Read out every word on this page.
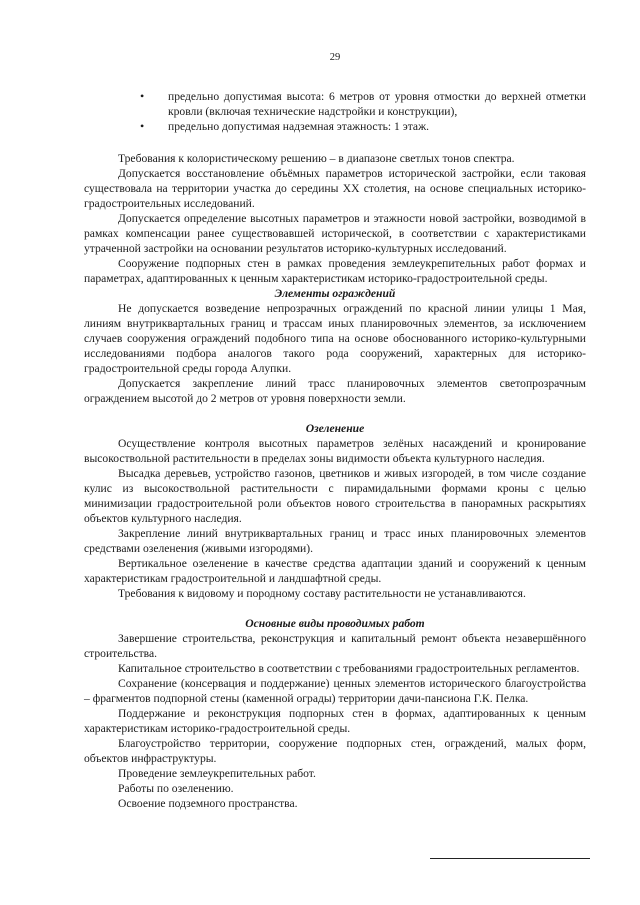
29
• предельно допустимая высота: 6 метров от уровня отмостки до верхней отметки кровли (включая технические надстройки и конструкции),
• предельно допустимая надземная этажность: 1 этаж.

Требования к колористическому решению – в диапазоне светлых тонов спектра.

Допускается восстановление объёмных параметров исторической застройки, если таковая существовала на территории участка до середины XX столетия, на основе специальных историко-градостроительных исследований.

Допускается определение высотных параметров и этажности новой застройки, возводимой в рамках компенсации ранее существовавшей исторической, в соответствии с характеристиками утраченной застройки на основании результатов историко-культурных исследований.

Сооружение подпорных стен в рамках проведения землеукрепительных работ формах и параметрах, адаптированных к ценным характеристикам историко-градостроительной среды.

Элементы ограждений

Не допускается возведение непрозрачных ограждений по красной линии улицы 1 Мая, линиям внутриквартальных границ и трассам иных планировочных элементов, за исключением случаев сооружения ограждений подобного типа на основе обоснованного историко-культурными исследованиями подбора аналогов такого рода сооружений, характерных для историко-градостроительной среды города Алупки.

Допускается закрепление линий трасс планировочных элементов светопрозрачным ограждением высотой до 2 метров от уровня поверхности земли.

Озеленение

Осуществление контроля высотных параметров зелёных насаждений и кронирование высокоствольной растительности в пределах зоны видимости объекта культурного наследия.

Высадка деревьев, устройство газонов, цветников и живых изгородей, в том числе создание кулис из высокоствольной растительности с пирамидальными формами кроны с целью минимизации градостроительной роли объектов нового строительства в панорамных раскрытиях объектов культурного наследия.

Закрепление линий внутриквартальных границ и трасс иных планировочных элементов средствами озеленения (живыми изгородями).

Вертикальное озеленение в качестве средства адаптации зданий и сооружений к ценным характеристикам градостроительной и ландшафтной среды.

Требования к видовому и породному составу растительности не устанавливаются.

Основные виды проводимых работ

Завершение строительства, реконструкция и капитальный ремонт объекта незавершённого строительства.

Капитальное строительство в соответствии с требованиями градостроительных регламентов.

Сохранение (консервация и поддержание) ценных элементов исторического благоустройства – фрагментов подпорной стены (каменной ограды) территории дачи-пансиона Г.К. Пелка.

Поддержание и реконструкция подпорных стен в формах, адаптированных к ценным характеристикам историко-градостроительной среды.

Благоустройство территории, сооружение подпорных стен, ограждений, малых форм, объектов инфраструктуры.

Проведение землеукрепительных работ.

Работы по озеленению.

Освоение подземного пространства.
